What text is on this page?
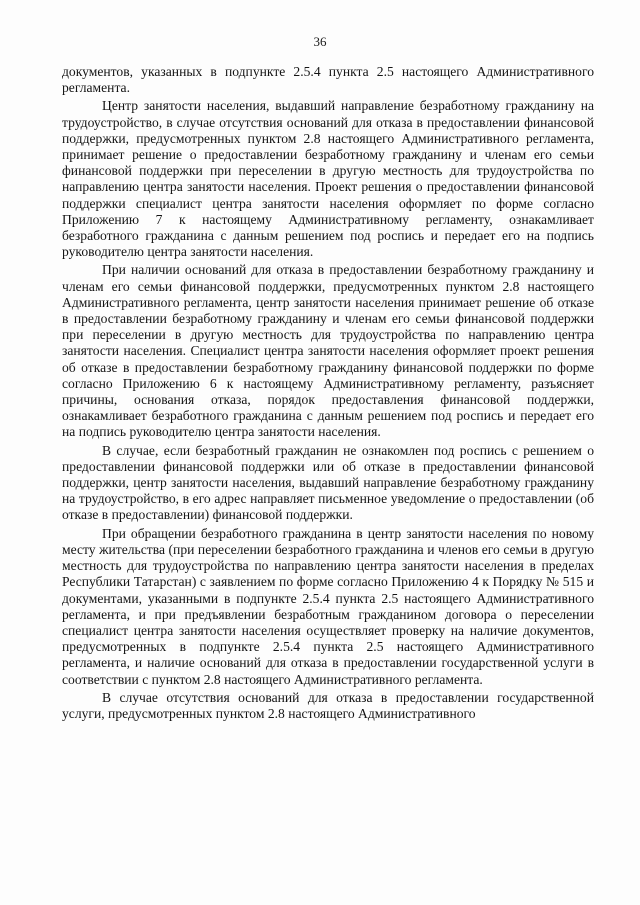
36

документов, указанных в подпункте 2.5.4 пункта 2.5 настоящего Административного регламента.

Центр занятости населения, выдавший направление безработному гражданину на трудоустройство, в случае отсутствия оснований для отказа в предоставлении финансовой поддержки, предусмотренных пунктом 2.8 настоящего Административного регламента, принимает решение о предоставлении безработному гражданину и членам его семьи финансовой поддержки при переселении в другую местность для трудоустройства по направлению центра занятости населения. Проект решения о предоставлении финансовой поддержки специалист центра занятости населения оформляет по форме согласно Приложению 7 к настоящему Административному регламенту, ознакамливает безработного гражданина с данным решением под роспись и передает его на подпись руководителю центра занятости населения.

При наличии оснований для отказа в предоставлении безработному гражданину и членам его семьи финансовой поддержки, предусмотренных пунктом 2.8 настоящего Административного регламента, центр занятости населения принимает решение об отказе в предоставлении безработному гражданину и членам его семьи финансовой поддержки при переселении в другую местность для трудоустройства по направлению центра занятости населения. Специалист центра занятости населения оформляет проект решения об отказе в предоставлении безработному гражданину финансовой поддержки по форме согласно Приложению 6 к настоящему Административному регламенту, разъясняет причины, основания отказа, порядок предоставления финансовой поддержки, ознакамливает безработного гражданина с данным решением под роспись и передает его на подпись руководителю центра занятости населения.

В случае, если безработный гражданин не ознакомлен под роспись с решением о предоставлении финансовой поддержки или об отказе в предоставлении финансовой поддержки, центр занятости населения, выдавший направление безработному гражданину на трудоустройство, в его адрес направляет письменное уведомление о предоставлении (об отказе в предоставлении) финансовой поддержки.

При обращении безработного гражданина в центр занятости населения по новому месту жительства (при переселении безработного гражданина и членов его семьи в другую местность для трудоустройства по направлению центра занятости населения в пределах Республики Татарстан) с заявлением по форме согласно Приложению 4 к Порядку № 515 и документами, указанными в подпункте 2.5.4 пункта 2.5 настоящего Административного регламента, и при предъявлении безработным гражданином договора о переселении специалист центра занятости населения осуществляет проверку на наличие документов, предусмотренных в подпункте 2.5.4 пункта 2.5 настоящего Административного регламента, и наличие оснований для отказа в предоставлении государственной услуги в соответствии с пунктом 2.8 настоящего Административного регламента.

В случае отсутствия оснований для отказа в предоставлении государственной услуги, предусмотренных пунктом 2.8 настоящего Административного
